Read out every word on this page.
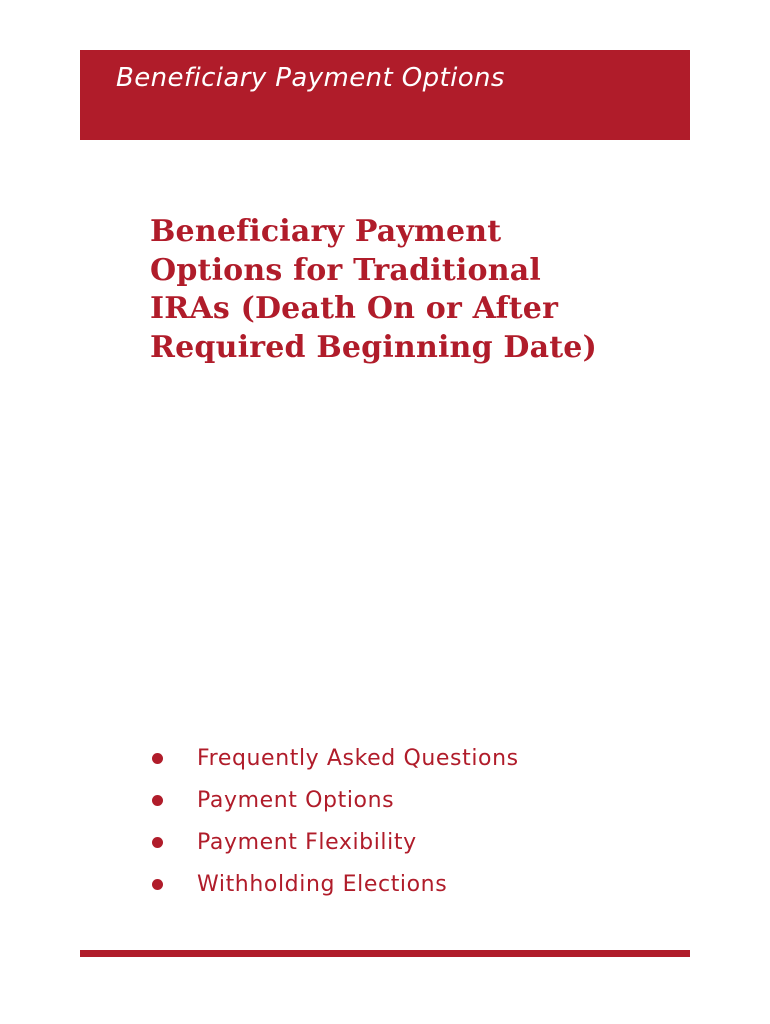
Beneficiary Payment Options
Beneficiary Payment Options for Traditional IRAs (Death On or After Required Beginning Date)
Frequently Asked Questions
Payment Options
Payment Flexibility
Withholding Elections
